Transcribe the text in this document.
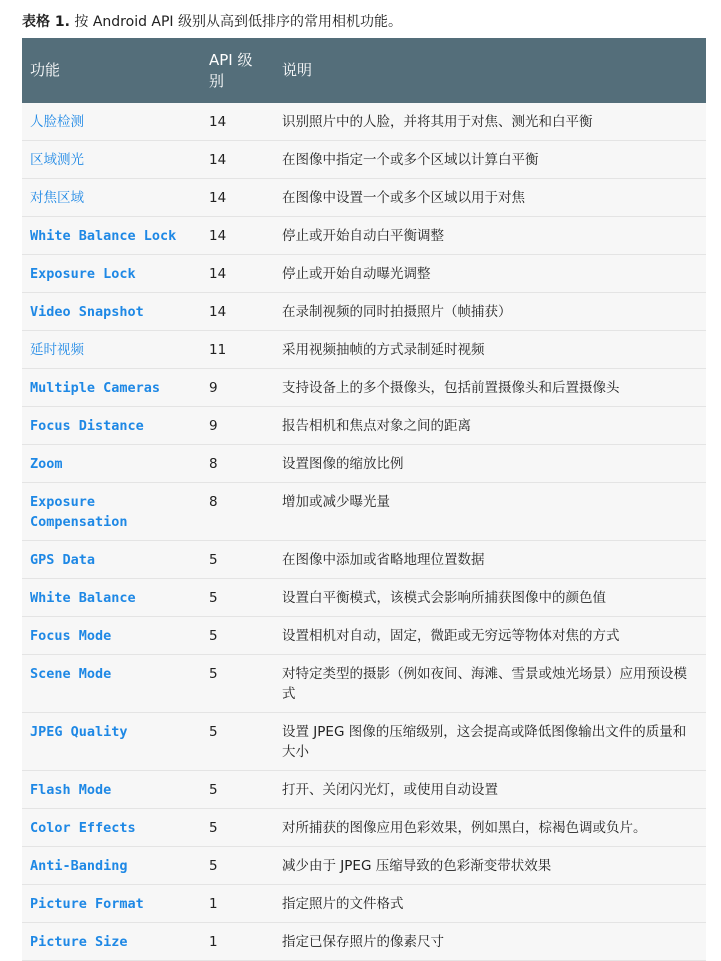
表格 1. 按 Android API 级别从高到低排序的常用相机功能。
功能	API 级别	说明
人脸检测	14	识别照片中的人脸，并将其用于对焦、测光和白平衡
区域测光	14	在图像中指定一个或多个区域以计算白平衡
对焦区域	14	在图像中设置一个或多个区域以用于对焦
White Balance Lock	14	停止或开始自动白平衡调整
Exposure Lock	14	停止或开始自动曝光调整
Video Snapshot	14	在录制视频的同时拍摄照片（帧捕获）
延时视频	11	采用视频抽帧的方式录制延时视频
Multiple Cameras	9	支持设备上的多个摄像头，包括前置摄像头和后置摄像头
Focus Distance	9	报告相机和焦点对象之间的距离
Zoom	8	设置图像的缩放比例
Exposure Compensation	8	增加或减少曝光量
GPS Data	5	在图像中添加或省略地理位置数据
White Balance	5	设置白平衡模式，该模式会影响所捕获图像中的颜色值
Focus Mode	5	设置相机对自动，固定，微距或无穷远等物体对焦的方式
Scene Mode	5	对特定类型的摄影（例如夜间、海滩、雪景或烛光场景）应用预设模式
JPEG Quality	5	设置 JPEG 图像的压缩级别，这会提高或降低图像输出文件的质量和大小
Flash Mode	5	打开、关闭闪光灯，或使用自动设置
Color Effects	5	对所捕获的图像应用色彩效果，例如黑白，棕褐色调或负片。
Anti-Banding	5	减少由于 JPEG 压缩导致的色彩渐变带状效果
Picture Format	1	指定照片的文件格式
Picture Size	1	指定已保存照片的像素尺寸
